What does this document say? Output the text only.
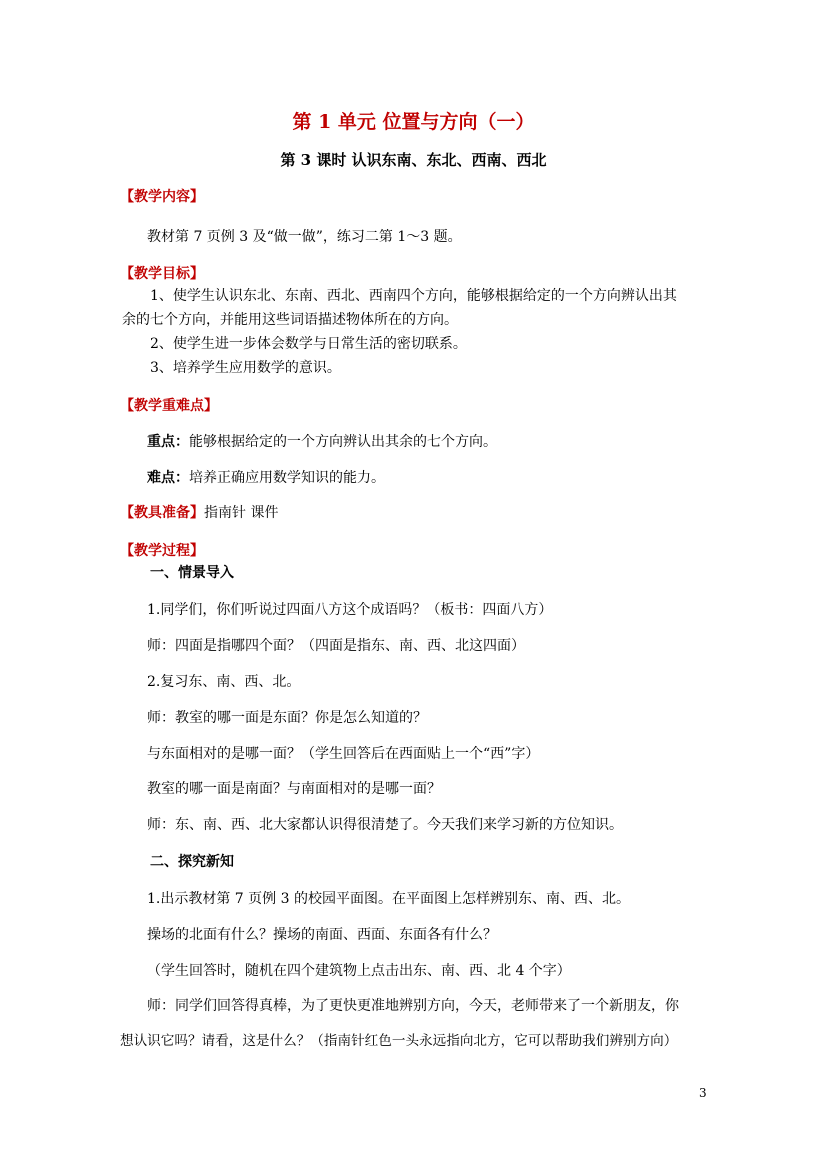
第 1 单元 位置与方向（一）
第 3 课时 认识东南、东北、西南、西北
【教学内容】
教材第 7 页例 3 及“做一做”，练习二第 1～3 题。
【教学目标】
1、使学生认识东北、东南、西北、西南四个方向，能够根据给定的一个方向辨认出其
余的七个方向，并能用这些词语描述物体所在的方向。
2、使学生进一步体会数学与日常生活的密切联系。
3、培养学生应用数学的意识。
【教学重难点】
重点：能够根据给定的一个方向辨认出其余的七个方向。
难点：培养正确应用数学知识的能力。
【教具准备】指南针 课件
【教学过程】
一、情景导入
1.同学们，你们听说过四面八方这个成语吗？（板书：四面八方）
师：四面是指哪四个面？（四面是指东、南、西、北这四面）
2.复习东、南、西、北。
师：教室的哪一面是东面？你是怎么知道的？
与东面相对的是哪一面？（学生回答后在西面贴上一个“西”字）
教室的哪一面是南面？与南面相对的是哪一面？
师：东、南、西、北大家都认识得很清楚了。今天我们来学习新的方位知识。
二、探究新知
1.出示教材第 7 页例 3 的校园平面图。在平面图上怎样辨别东、南、西、北。
操场的北面有什么？操场的南面、西面、东面各有什么？
（学生回答时，随机在四个建筑物上点击出东、南、西、北 4 个字）
师：同学们回答得真棒，为了更快更准地辨别方向，今天，老师带来了一个新朋友，你
想认识它吗？请看，这是什么？（指南针红色一头永远指向北方，它可以帮助我们辨别方向）
3
